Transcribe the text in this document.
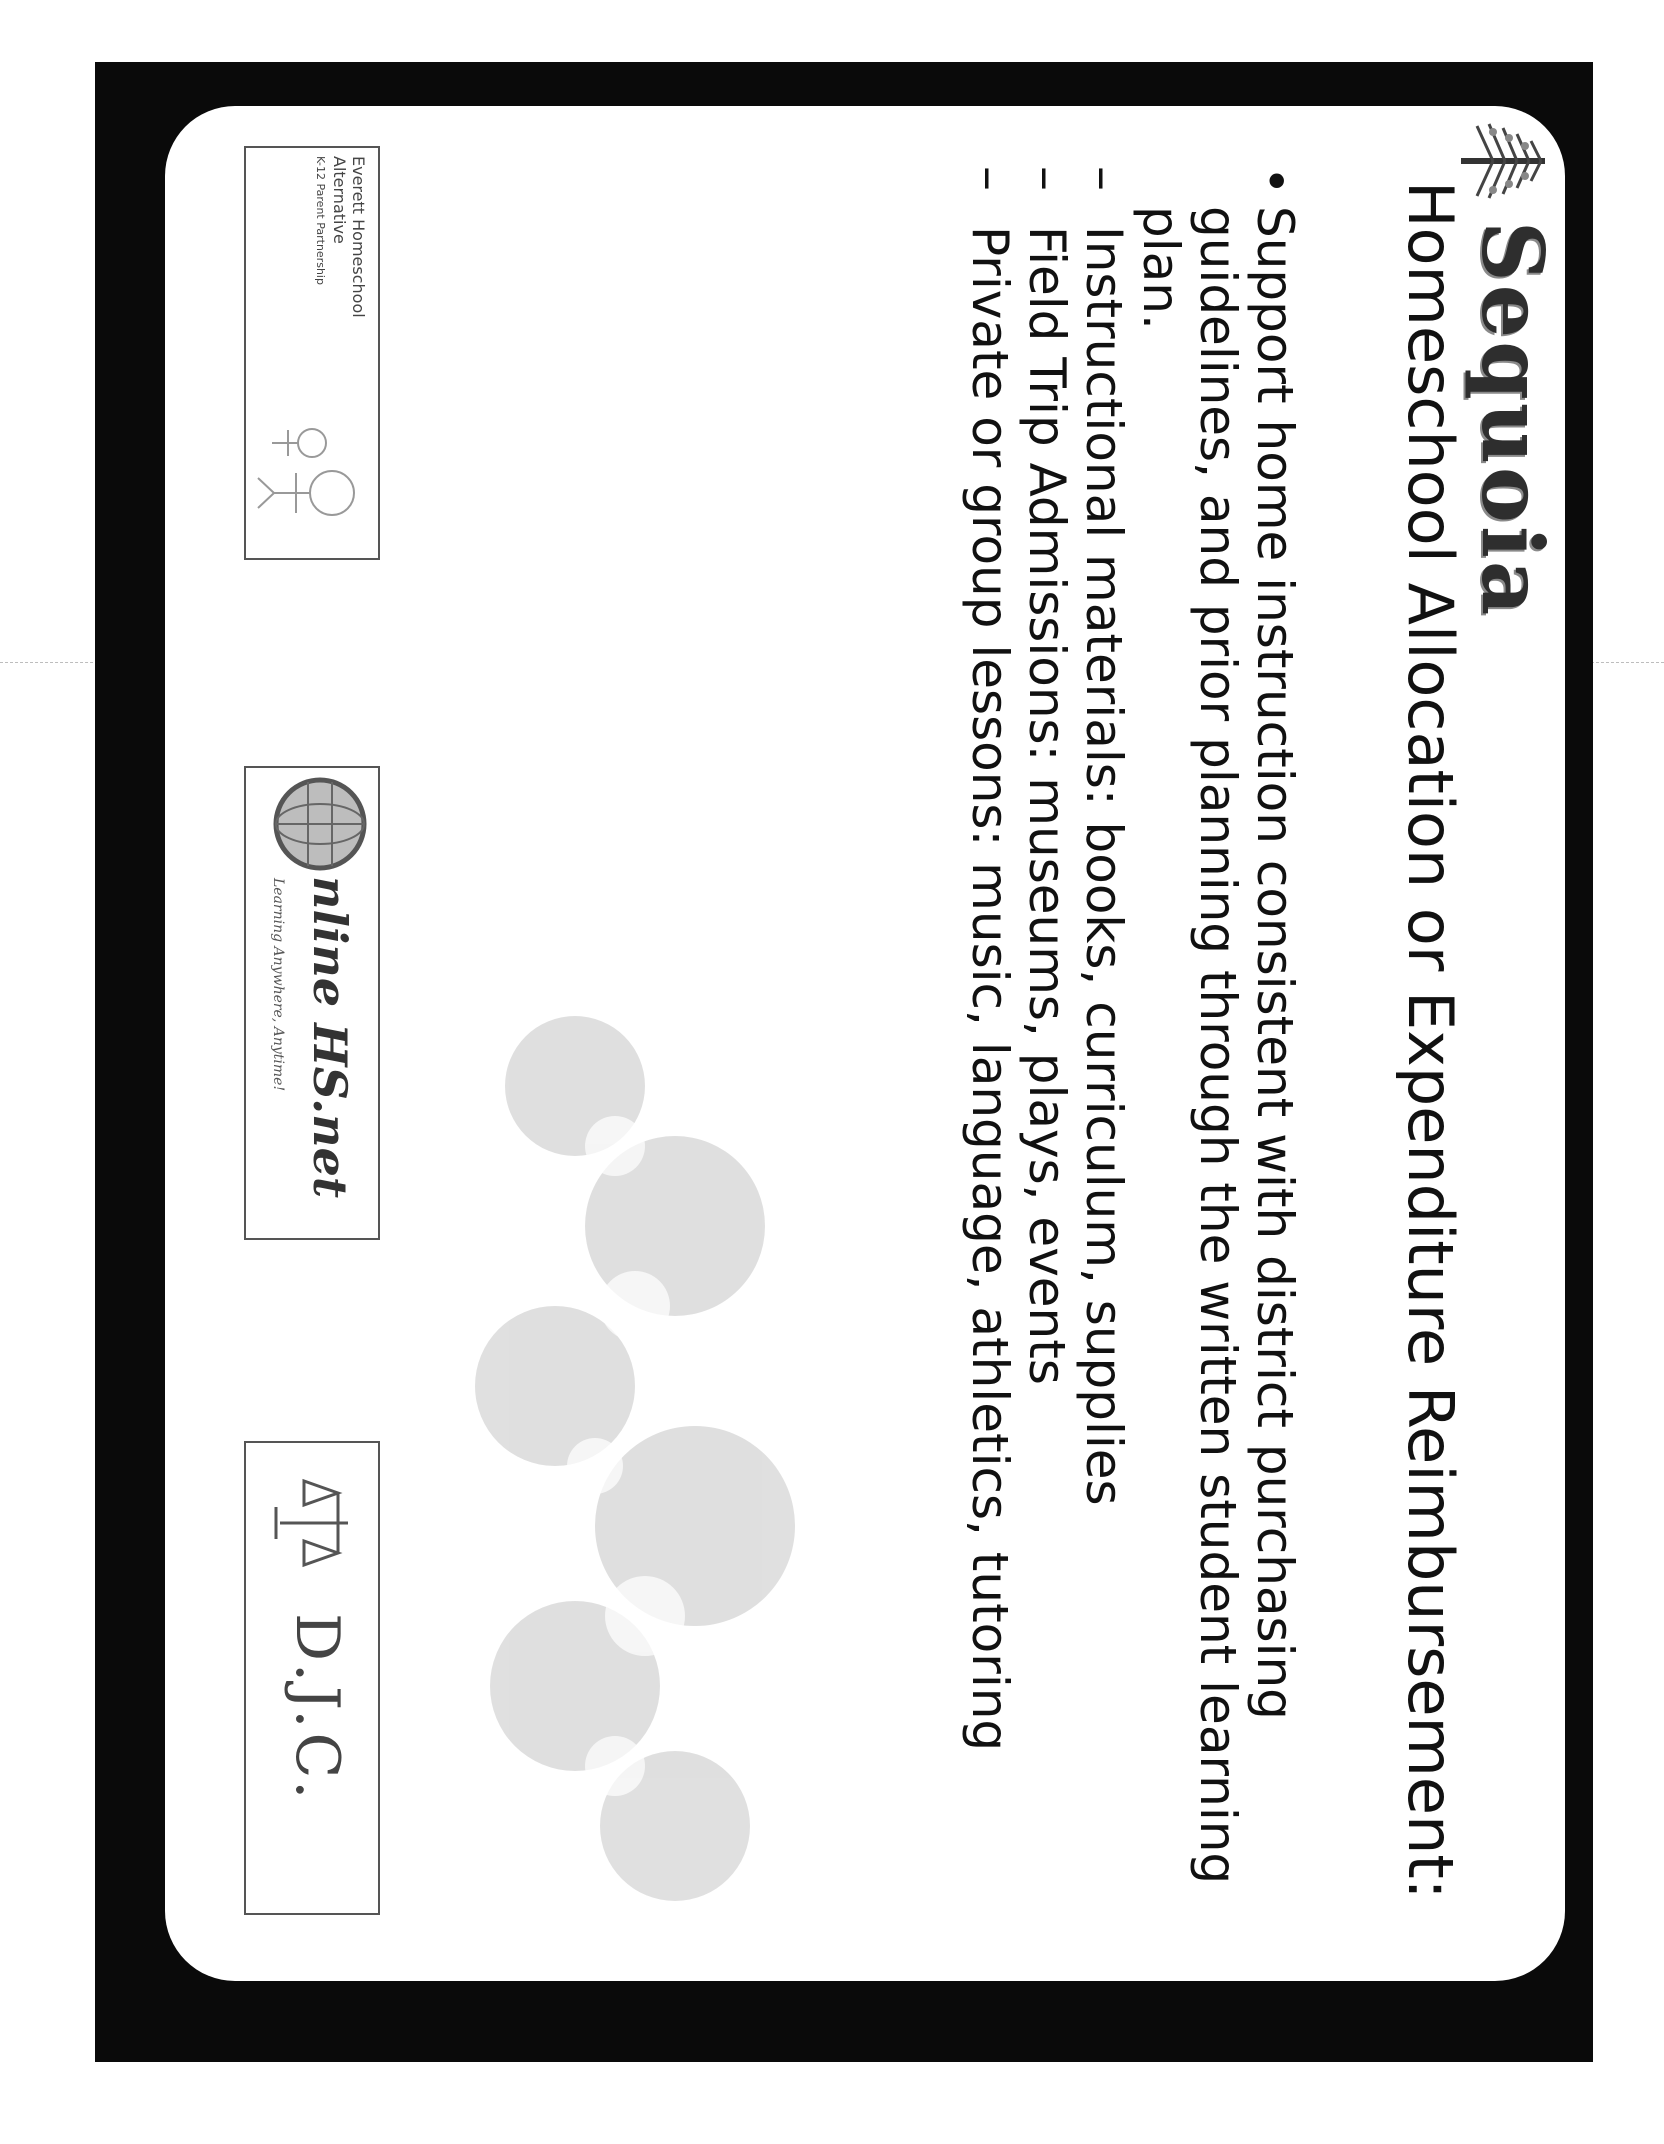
Sequoia
Homeschool Allocation or Expenditure Reimbursement:
•
Support home instruction consistent with district purchasing guidelines, and prior planning through the written student learning plan.
–
Instructional materials: books, curriculum, supplies
–
Field Trip Admissions: museums, plays, events
–
Private or group lessons: music, language, athletics, tutoring
Everett Homeschool
Alternative
K-12 Parent Partnership
nline HS.net
Learning Anywhere, Anytime!
D.J.C.
